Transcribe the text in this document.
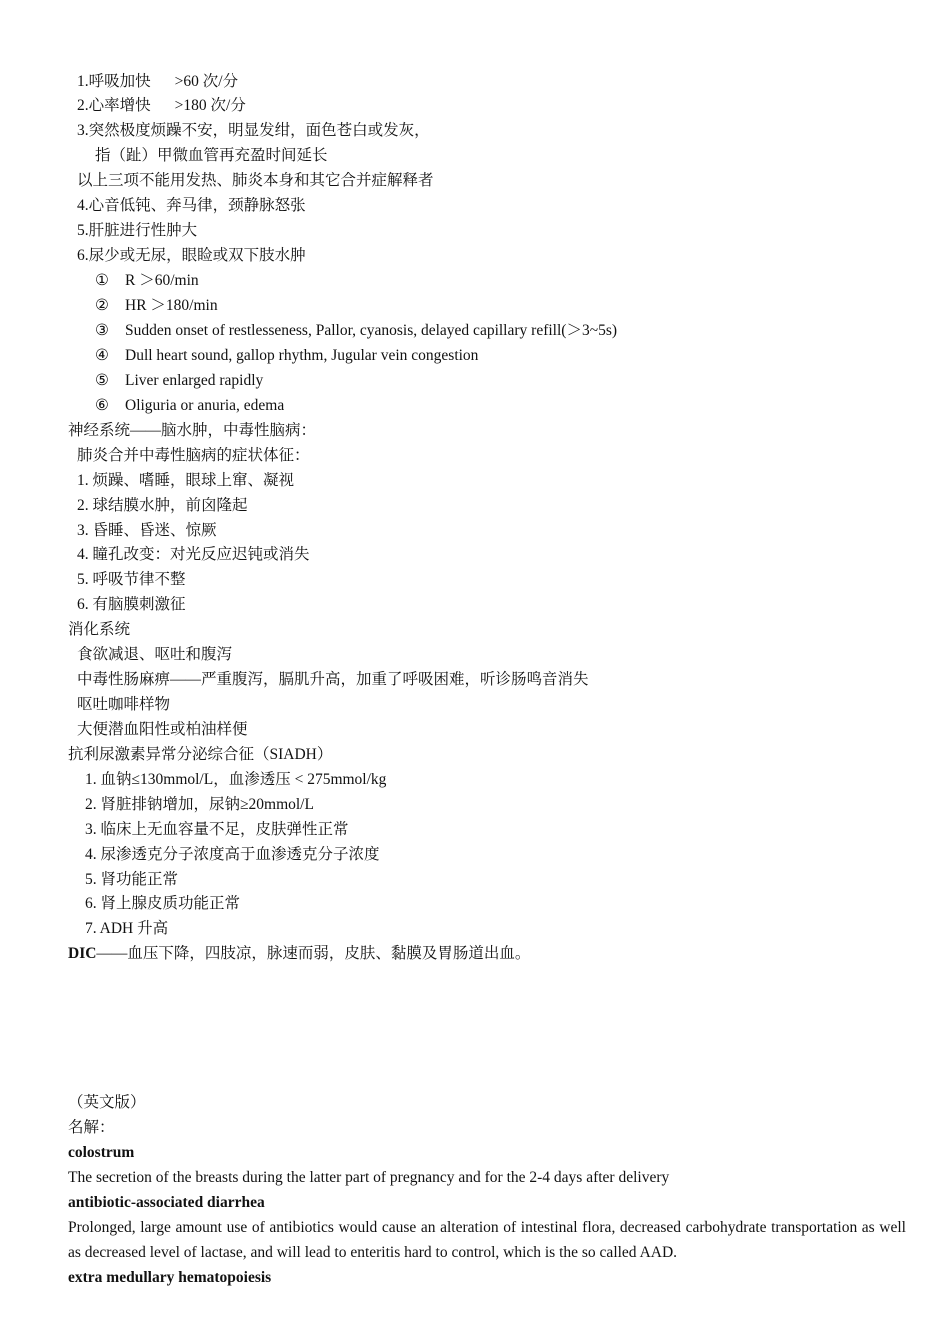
1.呼吸加快 >60 次/分
2.心率增快 >180 次/分
3.突然极度烦躁不安，明显发绀，面色苍白或发灰，
指（趾）甲微血管再充盈时间延长
以上三项不能用发热、肺炎本身和其它合并症解释者
4.心音低钝、奔马律，颈静脉怒张
5.肝脏进行性肿大
6.尿少或无尿，眼睑或双下肢水肿
① R ＞60/min
② HR ＞180/min
③ Sudden onset of restlesseness, Pallor, cyanosis, delayed capillary refill(＞3~5s)
④ Dull heart sound, gallop rhythm, Jugular vein congestion
⑤ Liver enlarged rapidly
⑥ Oliguria or anuria, edema
神经系统——脑水肿，中毒性脑病：
肺炎合并中毒性脑病的症状体征：
1. 烦躁、嗜睡，眼球上窜、凝视
2. 球结膜水肿，前囟隆起
3. 昏睡、昏迷、惊厥
4. 瞳孔改变：对光反应迟钝或消失
5. 呼吸节律不整
6. 有脑膜刺激征
消化系统
食欲减退、呕吐和腹泻
中毒性肠麻痹——严重腹泻，膈肌升高，加重了呼吸困难，听诊肠鸣音消失
呕吐咖啡样物
大便潜血阳性或柏油样便
抗利尿激素异常分泌综合征（SIADH）
1. 血钠≤130mmol/L，血渗透压 < 275mmol/kg
2. 肾脏排钠增加，尿钠≥20mmol/L
3. 临床上无血容量不足，皮肤弹性正常
4. 尿渗透克分子浓度高于血渗透克分子浓度
5. 肾功能正常
6. 肾上腺皮质功能正常
7. ADH 升高
DIC——血压下降，四肢凉，脉速而弱，皮肤、黏膜及胃肠道出血。
（英文版）
名解：
colostrum
The secretion of the breasts during the latter part of pregnancy and for the 2-4 days after delivery
antibiotic-associated diarrhea
Prolonged, large amount use of antibiotics would cause an alteration of intestinal flora, decreased carbohydrate transportation as well as decreased level of lactase, and will lead to enteritis hard to control, which is the so called AAD.
extra medullary hematopoiesis
